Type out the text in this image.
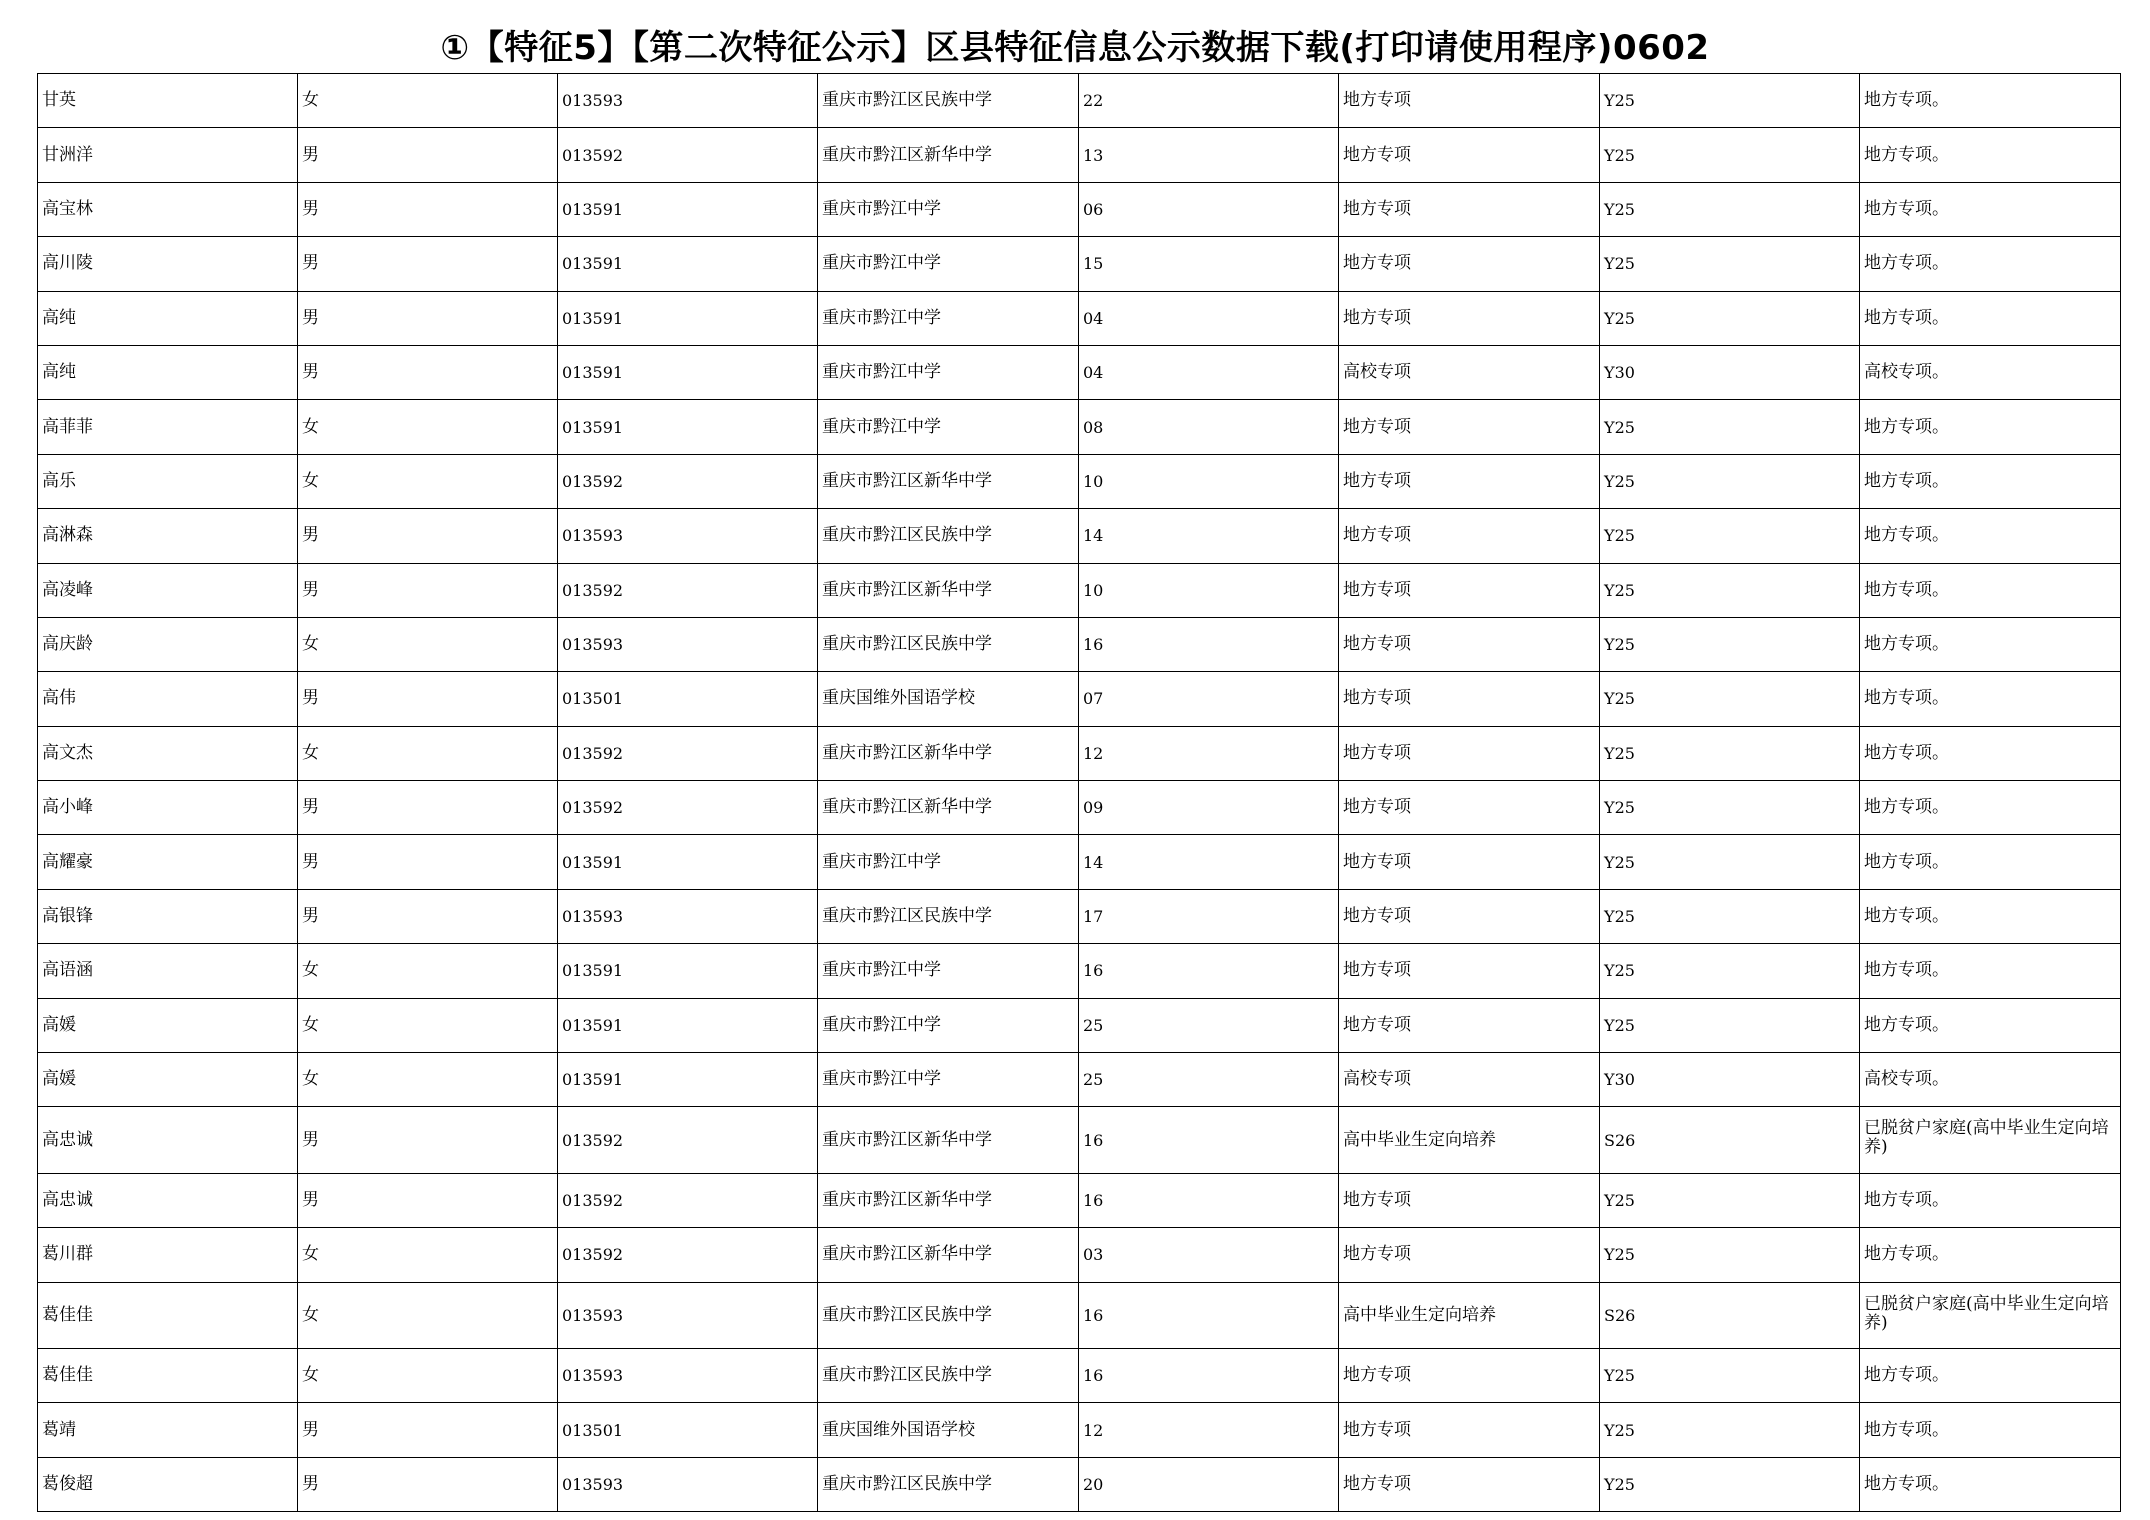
①【特征5】【第二次特征公示】区县特征信息公示数据下载(打印请使用程序)0602
甘英	女	013593	重庆市黔江区民族中学	22	地方专项	Y25	地方专项。
甘洲洋	男	013592	重庆市黔江区新华中学	13	地方专项	Y25	地方专项。
高宝林	男	013591	重庆市黔江中学	06	地方专项	Y25	地方专项。
高川陵	男	013591	重庆市黔江中学	15	地方专项	Y25	地方专项。
高纯	男	013591	重庆市黔江中学	04	地方专项	Y25	地方专项。
高纯	男	013591	重庆市黔江中学	04	高校专项	Y30	高校专项。
高菲菲	女	013591	重庆市黔江中学	08	地方专项	Y25	地方专项。
高乐	女	013592	重庆市黔江区新华中学	10	地方专项	Y25	地方专项。
高淋森	男	013593	重庆市黔江区民族中学	14	地方专项	Y25	地方专项。
高凌峰	男	013592	重庆市黔江区新华中学	10	地方专项	Y25	地方专项。
高庆龄	女	013593	重庆市黔江区民族中学	16	地方专项	Y25	地方专项。
高伟	男	013501	重庆国维外国语学校	07	地方专项	Y25	地方专项。
高文杰	女	013592	重庆市黔江区新华中学	12	地方专项	Y25	地方专项。
高小峰	男	013592	重庆市黔江区新华中学	09	地方专项	Y25	地方专项。
高耀豪	男	013591	重庆市黔江中学	14	地方专项	Y25	地方专项。
高银锋	男	013593	重庆市黔江区民族中学	17	地方专项	Y25	地方专项。
高语涵	女	013591	重庆市黔江中学	16	地方专项	Y25	地方专项。
高媛	女	013591	重庆市黔江中学	25	地方专项	Y25	地方专项。
高媛	女	013591	重庆市黔江中学	25	高校专项	Y30	高校专项。
高忠诚	男	013592	重庆市黔江区新华中学	16	高中毕业生定向培养	S26	已脱贫户家庭(高中毕业生定向培养)
高忠诚	男	013592	重庆市黔江区新华中学	16	地方专项	Y25	地方专项。
葛川群	女	013592	重庆市黔江区新华中学	03	地方专项	Y25	地方专项。
葛佳佳	女	013593	重庆市黔江区民族中学	16	高中毕业生定向培养	S26	已脱贫户家庭(高中毕业生定向培养)
葛佳佳	女	013593	重庆市黔江区民族中学	16	地方专项	Y25	地方专项。
葛靖	男	013501	重庆国维外国语学校	12	地方专项	Y25	地方专项。
葛俊超	男	013593	重庆市黔江区民族中学	20	地方专项	Y25	地方专项。
